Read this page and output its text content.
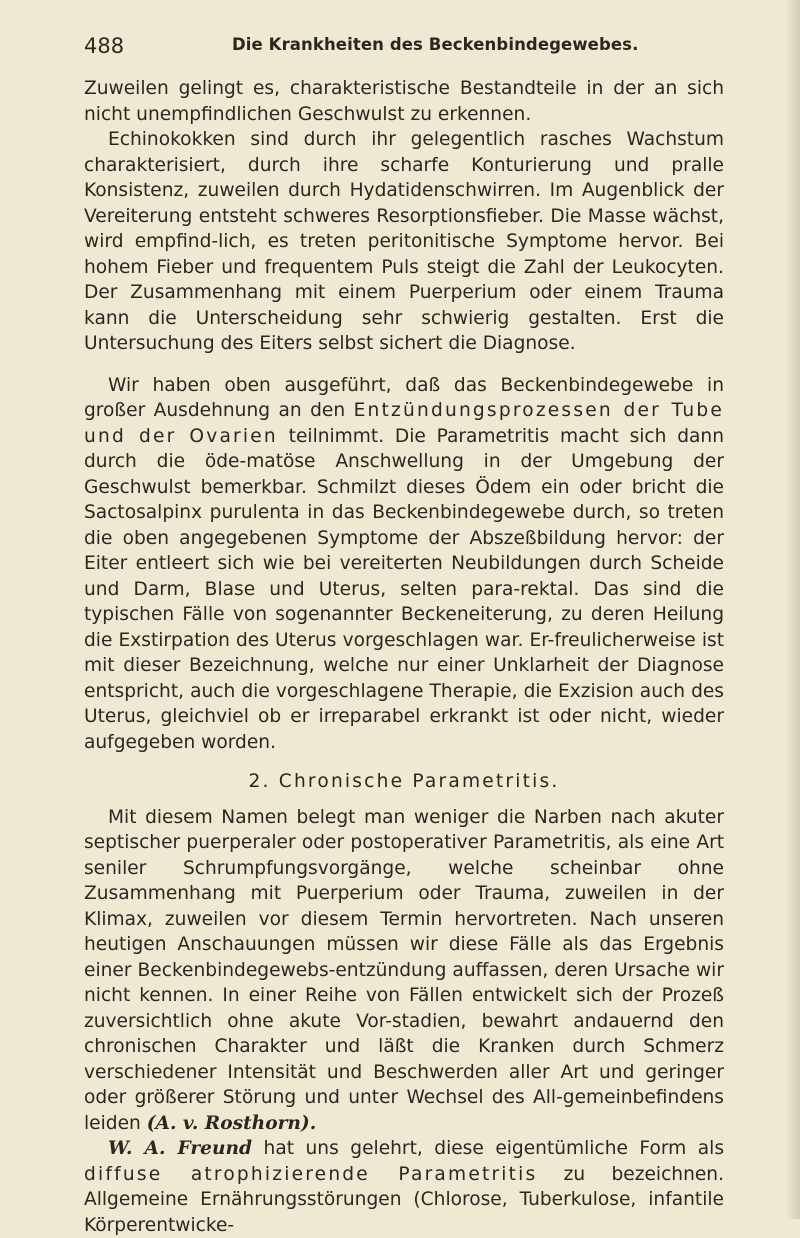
488	Die Krankheiten des Beckenbindegewebes.

Zuweilen gelingt es, charakteristische Bestandteile in der an sich nicht unempfindlichen Geschwulst zu erkennen.

Echinokokken sind durch ihr gelegentlich rasches Wachstum charakterisiert, durch ihre scharfe Konturierung und pralle Konsistenz, zuweilen durch Hydatidenschwirren. Im Augenblick der Vereiterung entsteht schweres Resorptionsfieber. Die Masse wächst, wird empfind-lich, es treten peritonitische Symptome hervor. Bei hohem Fieber und frequentem Puls steigt die Zahl der Leukocyten. Der Zusammenhang mit einem Puerperium oder einem Trauma kann die Unterscheidung sehr schwierig gestalten. Erst die Untersuchung des Eiters selbst sichert die Diagnose.

Wir haben oben ausgeführt, daß das Beckenbindegewebe in großer Ausdehnung an den Entzündungsprozessen der Tube und der Ovarien teilnimmt. Die Parametritis macht sich dann durch die öde-matöse Anschwellung in der Umgebung der Geschwulst bemerkbar. Schmilzt dieses Ödem ein oder bricht die Sactosalpinx purulenta in das Beckenbindegewebe durch, so treten die oben angegebenen Symptome der Abszeßbildung hervor: der Eiter entleert sich wie bei vereiterten Neubildungen durch Scheide und Darm, Blase und Uterus, selten para-rektal. Das sind die typischen Fälle von sogenannter Beckeneiterung, zu deren Heilung die Exstirpation des Uterus vorgeschlagen war. Er-freulicherweise ist mit dieser Bezeichnung, welche nur einer Unklarheit der Diagnose entspricht, auch die vorgeschlagene Therapie, die Exzision auch des Uterus, gleichviel ob er irreparabel erkrankt ist oder nicht, wieder aufgegeben worden.

2. Chronische Parametritis.

Mit diesem Namen belegt man weniger die Narben nach akuter septischer puerperaler oder postoperativer Parametritis, als eine Art seniler Schrumpfungsvorgänge, welche scheinbar ohne Zusammenhang mit Puerperium oder Trauma, zuweilen in der Klimax, zuweilen vor diesem Termin hervortreten. Nach unseren heutigen Anschauungen müssen wir diese Fälle als das Ergebnis einer Beckenbindegewebs-entzündung auffassen, deren Ursache wir nicht kennen. In einer Reihe von Fällen entwickelt sich der Prozeß zuversichtlich ohne akute Vor-stadien, bewahrt andauernd den chronischen Charakter und läßt die Kranken durch Schmerz verschiedener Intensität und Beschwerden aller Art und geringer oder größerer Störung und unter Wechsel des All-gemeinbefindens leiden (A. v. Rosthorn).

W. A. Freund hat uns gelehrt, diese eigentümliche Form als diffuse atrophizierende Parametritis zu bezeichnen. Allgemeine Ernährungsstörungen (Chlorose, Tuberkulose, infantile Körperentwicke-
